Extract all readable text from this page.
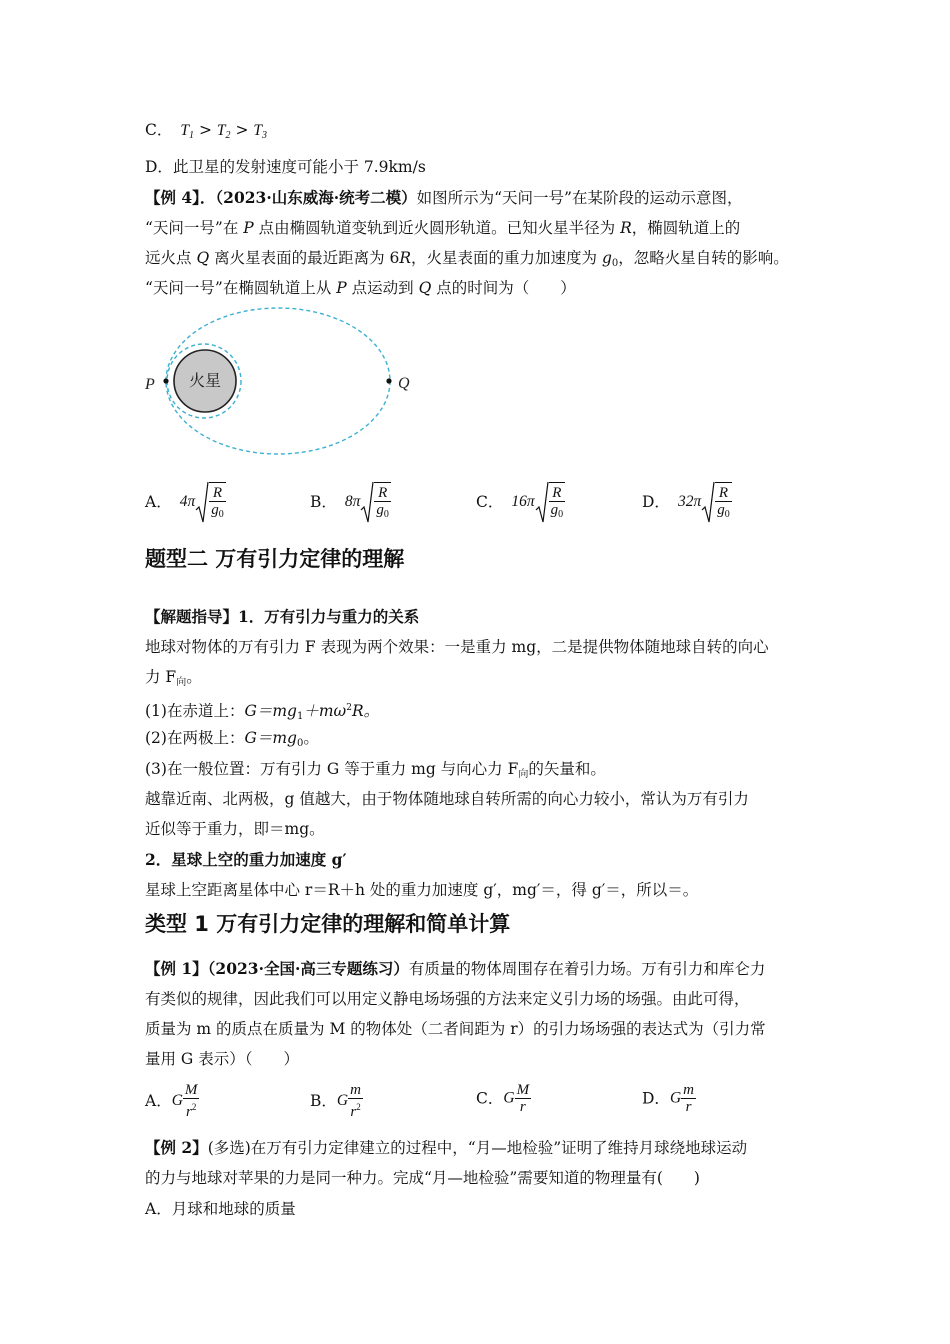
C． $T_1 > T_2 > T_3$
D．此卫星的发射速度可能小于 7.9km/s
【例 4】．（2023·山东威海·统考二模）如图所示为“天问一号”在某阶段的运动示意图，
“天问一号”在 P 点由椭圆轨道变轨到近火圆形轨道。已知火星半径为 R，椭圆轨道上的
远火点 Q 离火星表面的最近距离为 6R，火星表面的重力加速度为 $g_0$，忽略火星自转的影响。
“天问一号”在椭圆轨道上从 P 点运动到 Q 点的时间为（　　）
火星
P	Q
A． $4\pi \frac{R}{g_0}$	B． $8\pi \frac{R}{g_0}$	C． $16\pi \frac{R}{g_0}$	D． $32\pi \frac{R}{g_0}$
题型二 万有引力定律的理解
【解题指导】1．万有引力与重力的关系
地球对物体的万有引力 F 表现为两个效果：一是重力 mg，二是提供物体随地球自转的向心
力 $F_向$。
(1)在赤道上：$G=mg_1+m\omega^2R$。
(2)在两极上：$G=mg_0$。
(3)在一般位置：万有引力 G 等于重力 mg 与向心力 $F_向$的矢量和。
越靠近南、北两极，g 值越大，由于物体随地球自转所需的向心力较小，常认为万有引力
近似等于重力，即＝mg。
2．星球上空的重力加速度 g′
星球上空距离星体中心 r＝R＋h 处的重力加速度 g′，mg′＝，得 g′＝，所以＝。
类型 1 万有引力定律的理解和简单计算
【例 1】（2023·全国·高三专题练习）有质量的物体周围存在着引力场。万有引力和库仑力
有类似的规律，因此我们可以用定义静电场场强的方法来定义引力场的场强。由此可得，
质量为 m 的质点在质量为 M 的物体处（二者间距为 r）的引力场场强的表达式为（引力常
量用 G 表示）（　　）
A．G $\frac{M}{r^2}$	B．G $\frac{m}{r^2}$	C．G $\frac{M}{r}$	D．G $\frac{m}{r}$
【例 2】(多选)在万有引力定律建立的过程中，“月—地检验”证明了维持月球绕地球运动
的力与地球对苹果的力是同一种力。完成“月—地检验”需要知道的物理量有(　　)
A．月球和地球的质量
